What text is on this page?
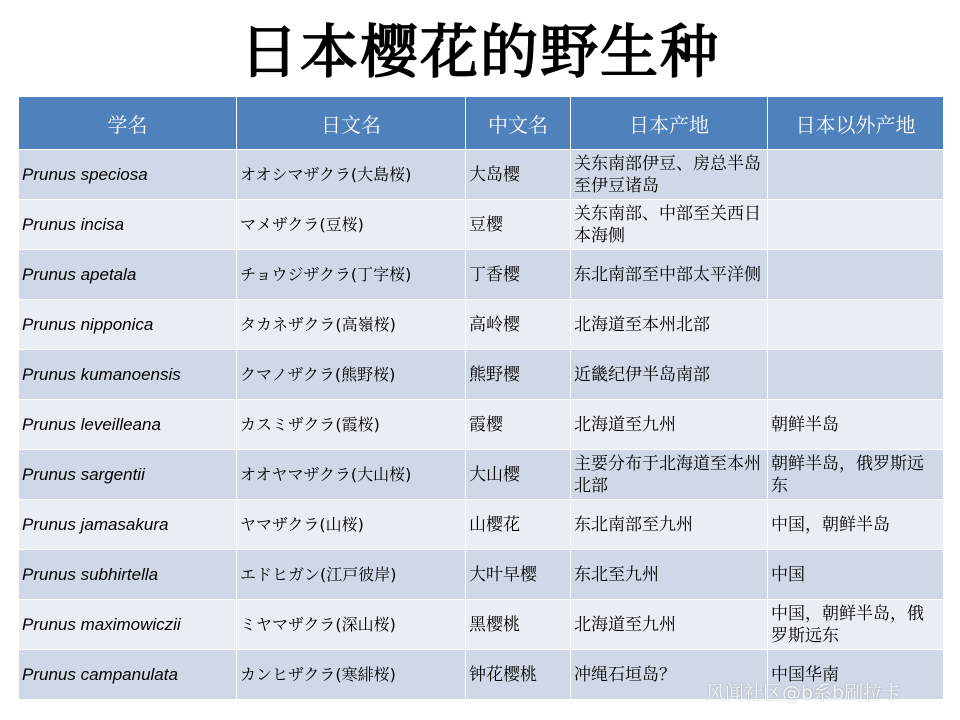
日本樱花的野生种
学名	日文名	中文名	日本产地	日本以外产地
Prunus speciosa	オオシマザクラ(大島桜)	大岛樱	关东南部伊豆、房总半岛至伊豆诸岛	
Prunus incisa	マメザクラ(豆桜)	豆樱	关东南部、中部至关西日本海侧	
Prunus apetala	チョウジザクラ(丁字桜)	丁香樱	东北南部至中部太平洋侧	
Prunus nipponica	タカネザクラ(高嶺桜)	高岭樱	北海道至本州北部	
Prunus kumanoensis	クマノザクラ(熊野桜)	熊野樱	近畿纪伊半岛南部	
Prunus leveilleana	カスミザクラ(霞桜)	霞樱	北海道至九州	朝鲜半岛
Prunus sargentii	オオヤマザクラ(大山桜)	大山樱	主要分布于北海道至本州北部	朝鲜半岛，俄罗斯远东
Prunus jamasakura	ヤマザクラ(山桜)	山樱花	东北南部至九州	中国，朝鲜半岛
Prunus subhirtella	エドヒガン(江戸彼岸)	大叶早樱	东北至九州	中国
Prunus maximowiczii	ミヤマザクラ(深山桜)	黑樱桃	北海道至九州	中国，朝鲜半岛，俄罗斯远东
Prunus campanulata	カンヒザクラ(寒緋桜)	钟花樱桃	冲绳石垣岛？	中国华南
风闻社区@b系b刷拉卡
